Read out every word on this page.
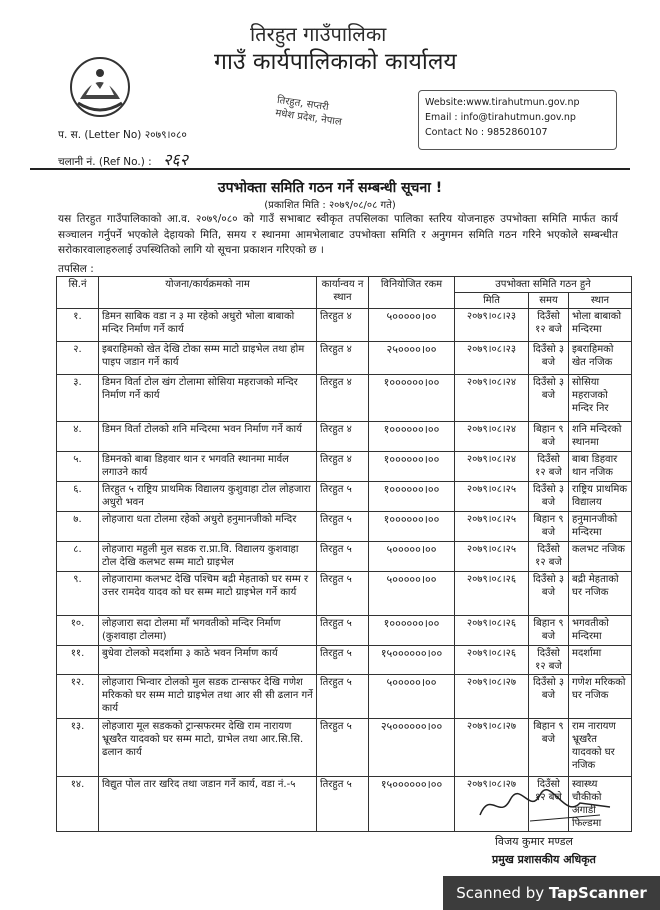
तिरहुत गाउँपालिका
गाउँ कार्यपालिकाको कार्यालय
तिरहुत, सप्तरी
मधेश प्रदेश, नेपाल
Website:www.tirahutmun.gov.np
Email : info@tirahutmun.gov.np
Contact No : 9852860107
प. स. (Letter No) २०७९।०८०
चलानी नं. (Ref No.) : २६२
उपभोक्ता समिति गठन गर्ने सम्बन्धी सूचना !
(प्रकाशित मिति : २०७९/०८/०८ गते)
यस तिरहुत गाउँपालिकाको आ.व. २०७९/०८० को गाउँ सभाबाट स्वीकृत तपसिलका पालिका स्तरिय योजनाहरु उपभोक्ता समिति मार्फत कार्य सञ्चालन गर्नुपर्ने भएकोले देहायको मिति, समय र स्थानमा आमभेलाबाट उपभोक्ता समिति र अनुगमन समिति गठन गरिने भएकोले सम्बन्धीत सरोकारवालाहरुलाई उपस्थितिको लागि यो सूचना प्रकाशन गरिएको छ ।
तपसिल :
सि.नं	योजना/कार्यक्रमको नाम	कार्यान्वय न स्थान	विनियोजित रकम	उपभोक्ता समिति गठन हुने		
				मिति	समय	स्थान
१.	डिमन साबिक वडा न ३ मा रहेको अधुरो भोला बाबाको मन्दिर निर्माण गर्ने कार्य	तिरहुत ४	५०००००।००	२०७९।०८।२३	दिउँसो १२ बजे	भोला बाबाको मन्दिरमा
२.	इबराहिमको खेत देखि टोका सम्म माटो ग्राइभेल तथा होम पाइप जडान गर्ने कार्य	तिरहुत ४	२५००००।००	२०७९।०८।२३	दिउँसो ३ बजे	इबराहिमको खेत नजिक
३.	डिमन विर्ता टोल खंग टोलामा सोसिया महराजको मन्दिर निर्माण गर्ने कार्य	तिरहुत ४	१००००००।००	२०७९।०८।२४	दिउँसो ३ बजे	सोसिया महराजको मन्दिर निर
४.	डिमन विर्ता टोलको शनि मन्दिरमा भवन निर्माण गर्ने कार्य	तिरहुत ४	१००००००।००	२०७९।०८।२४	बिहान ९ बजे	शनि मन्दिरको स्थानमा
५.	डिमनको बाबा डिहवार थान र भगवति स्थानमा मार्वल लगाउने कार्य	तिरहुत ४	१००००००।००	२०७९।०८।२४	दिउँसो १२ बजे	बाबा डिहवार थान नजिक
६.	तिरहुत ५ राष्ट्रिय प्राथमिक विद्यालय कुशुवाहा टोल लोहजारा अधुरो भवन	तिरहुत ५	१००००००।००	२०७९।०८।२५	दिउँसो ३ बजे	राष्ट्रिय प्राथमिक विद्यालय
७.	लोहजारा धता टोलमा रहेको अधुरो हनुमानजीको मन्दिर	तिरहुत ५	१००००००।००	२०७९।०८।२५	बिहान ९ बजे	हनुमानजीको मन्दिरमा
८.	लोहजारा महुली मुल सडक रा.प्रा.वि. विद्यालय कुशवाहा टोल देखि कलभट सम्म माटो ग्राइभेल	तिरहुत ५	५०००००।००	२०७९।०८।२५	दिउँसो १२ बजे	कलभट नजिक
९.	लोहजारामा कलभट देखि पश्चिम बद्री मेहताको घर सम्म र उत्तर रामदेव यादव को घर सम्म माटो ग्राइभेल गर्ने कार्य	तिरहुत ५	५०००००।००	२०७९।०८।२६	दिउँसो ३ बजे	बद्री मेहताको घर नजिक
१०.	लोहजारा सदा टोलमा माँ भगवतीको मन्दिर निर्माण (कुशवाहा टोलमा)	तिरहुत ५	१००००००।००	२०७९।०८।२६	बिहान ९ बजे	भगवतीको मन्दिरमा
११.	बुधेवा टोलको मदर्शामा ३ काठे भवन निर्माण कार्य	तिरहुत ५	१५००००००।००	२०७९।०८।२६	दिउँसो १२ बजे	मदर्शामा
१२.	लोहजारा भिन्वार टोलको मुल सडक टान्सफर देखि गणेश मरिकको घर सम्म माटो ग्राइभेल तथा आर सी सी ढलान गर्ने कार्य	तिरहुत ५	५०००००।००	२०७९।०८।२७	दिउँसो ३ बजे	गणेश मरिकको घर नजिक
१३.	लोहजारा मूल सडकको ट्रान्सफरमर देखि राम नारायण भ्रूखरैत यादवको घर सम्म माटो, ग्राभेल तथा आर.सि.सि. ढलान कार्य	तिरहुत ५	२५००००००।००	२०७९।०८।२७	बिहान ९ बजे	राम नारायण भ्रूखरैत यादवको घर नजिक
१४.	विद्युत पोल तार खरिद तथा जडान गर्ने कार्य, वडा नं.-५	तिरहुत ५	१५००००००।००	२०७९।०८।२७	दिउँसो १२ बजे	स्वास्थ्य चौकीको अगाडी फिल्डमा
विजय कुमार मण्डल
प्रमुख प्रशासकीय अधिकृत
Scanned by TapScanner
